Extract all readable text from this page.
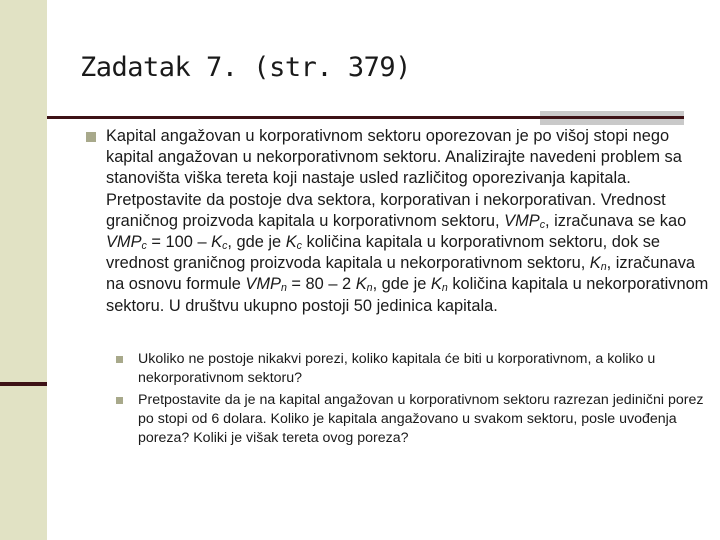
Zadatak 7. (str. 379)

Kapital angažovan u korporativnom sektoru oporezovan je po višoj stopi nego kapital angažovan u nekorporativnom sektoru. Analizirajte navedeni problem sa stanovišta viška tereta koji nastaje usled različitog oporezivanja kapitala. Pretpostavite da postoje dva sektora, korporativan i nekorporativan. Vrednost graničnog proizvoda kapitala u korporativnom sektoru, $VMP_c$, izračunava se kao $VMP_c = 100 - K_c$, gde je $K_c$ količina kapitala u korporativnom sektoru, dok se vrednost graničnog proizvoda kapitala u nekorporativnom sektoru, $K_n$, izračunava na osnovu formule $VMP_n = 80 - 2$ $K_n$, gde je $K_n$ količina kapitala u nekorporativnom sektoru. U društvu ukupno postoji 50 jedinica kapitala.

Ukoliko ne postoje nikakvi porezi, koliko kapitala će biti u korporativnom, a koliko u nekorporativnom sektoru?

Pretpostavite da je na kapital angažovan u korporativnom sektoru razrezan jedinični porez po stopi od 6 dolara. Koliko je kapitala angažovano u svakom sektoru, posle uvođenja poreza? Koliki je višak tereta ovog poreza?
